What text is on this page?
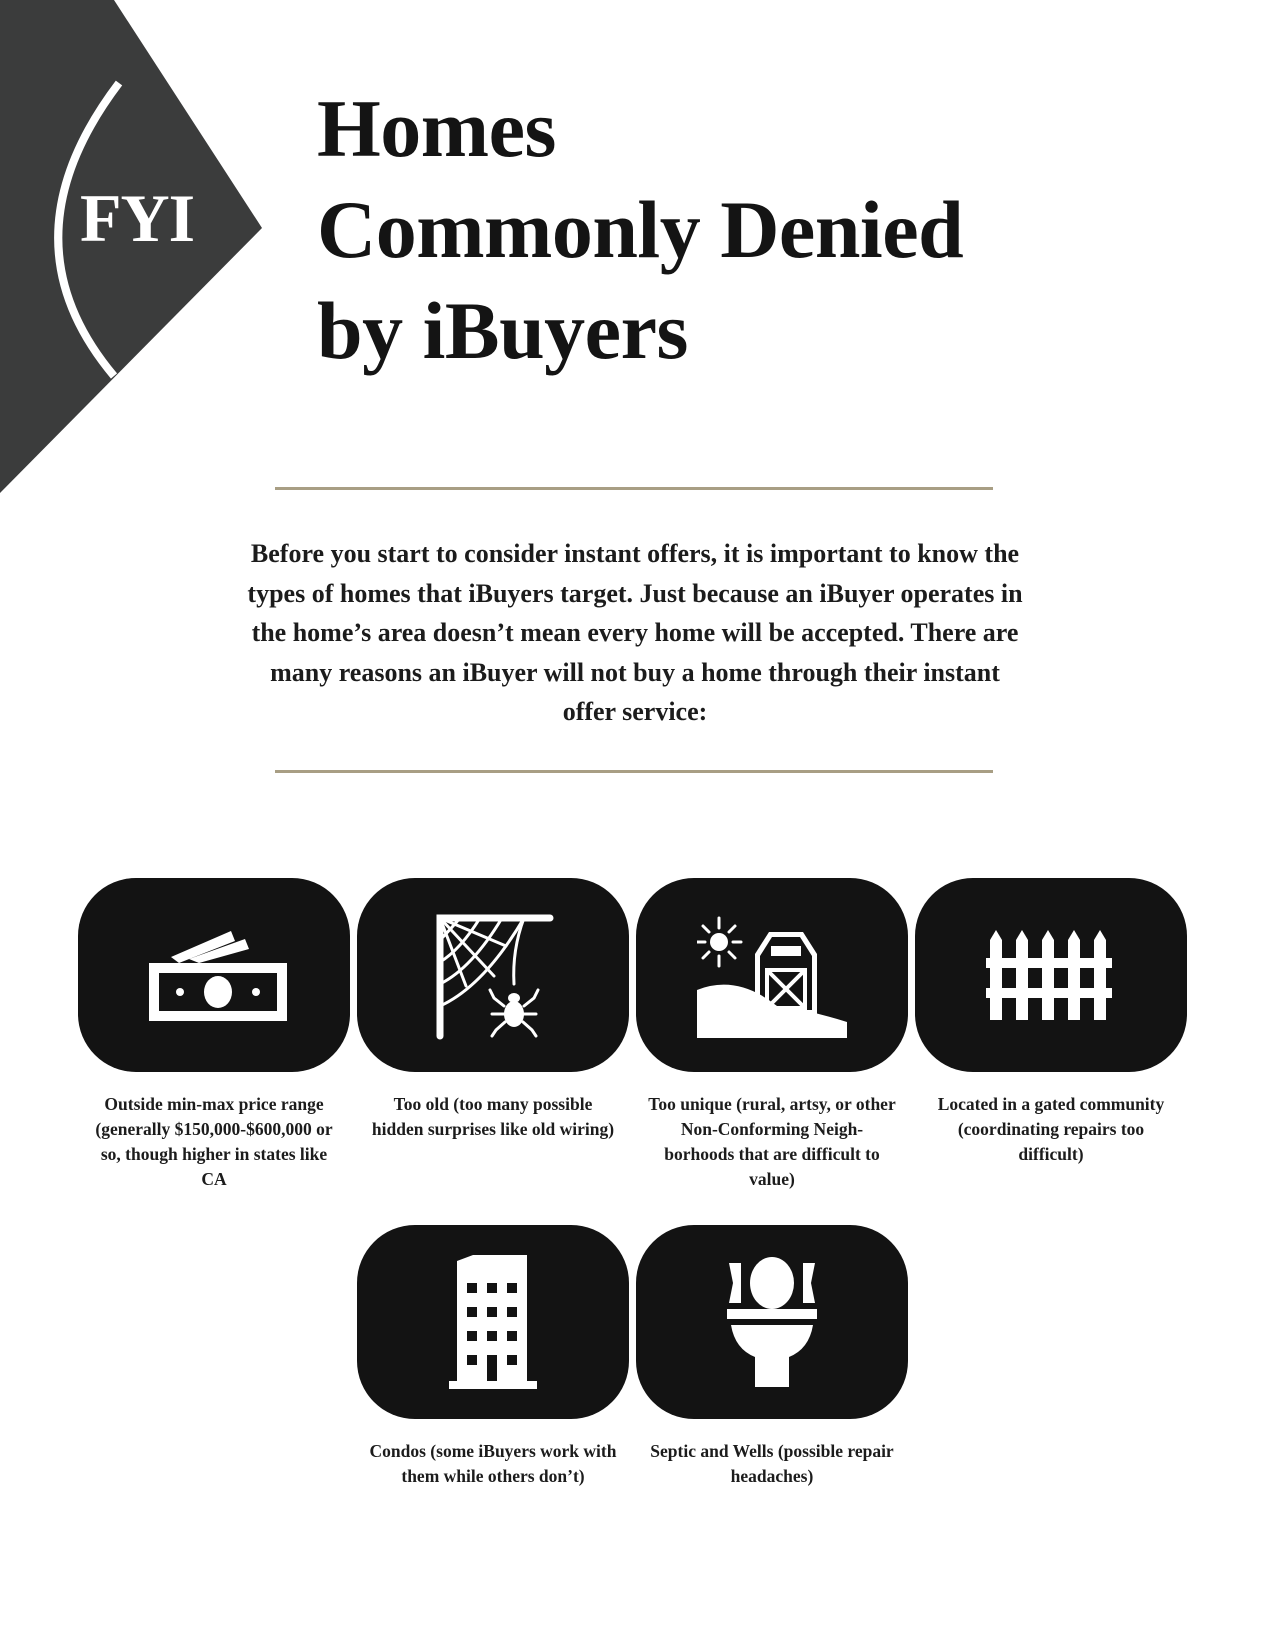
FYI
Homes
Commonly Denied
by iBuyers

Before you start to consider instant offers, it is important to know the types of homes that iBuyers target. Just because an iBuyer operates in the home’s area doesn’t mean every home will be accepted. There are many reasons an iBuyer will not buy a home through their instant offer service:

Outside min-max price range (generally $150,000-$600,000 or so, though higher in states like CA
Too old (too many possible hidden surprises like old wiring)
Too unique (rural, artsy, or other Non-Conforming Neigh-borhoods that are difficult to value)
Located in a gated community (coordinating repairs too difficult)
Condos (some iBuyers work with them while others don’t)
Septic and Wells (possible repair headaches)
